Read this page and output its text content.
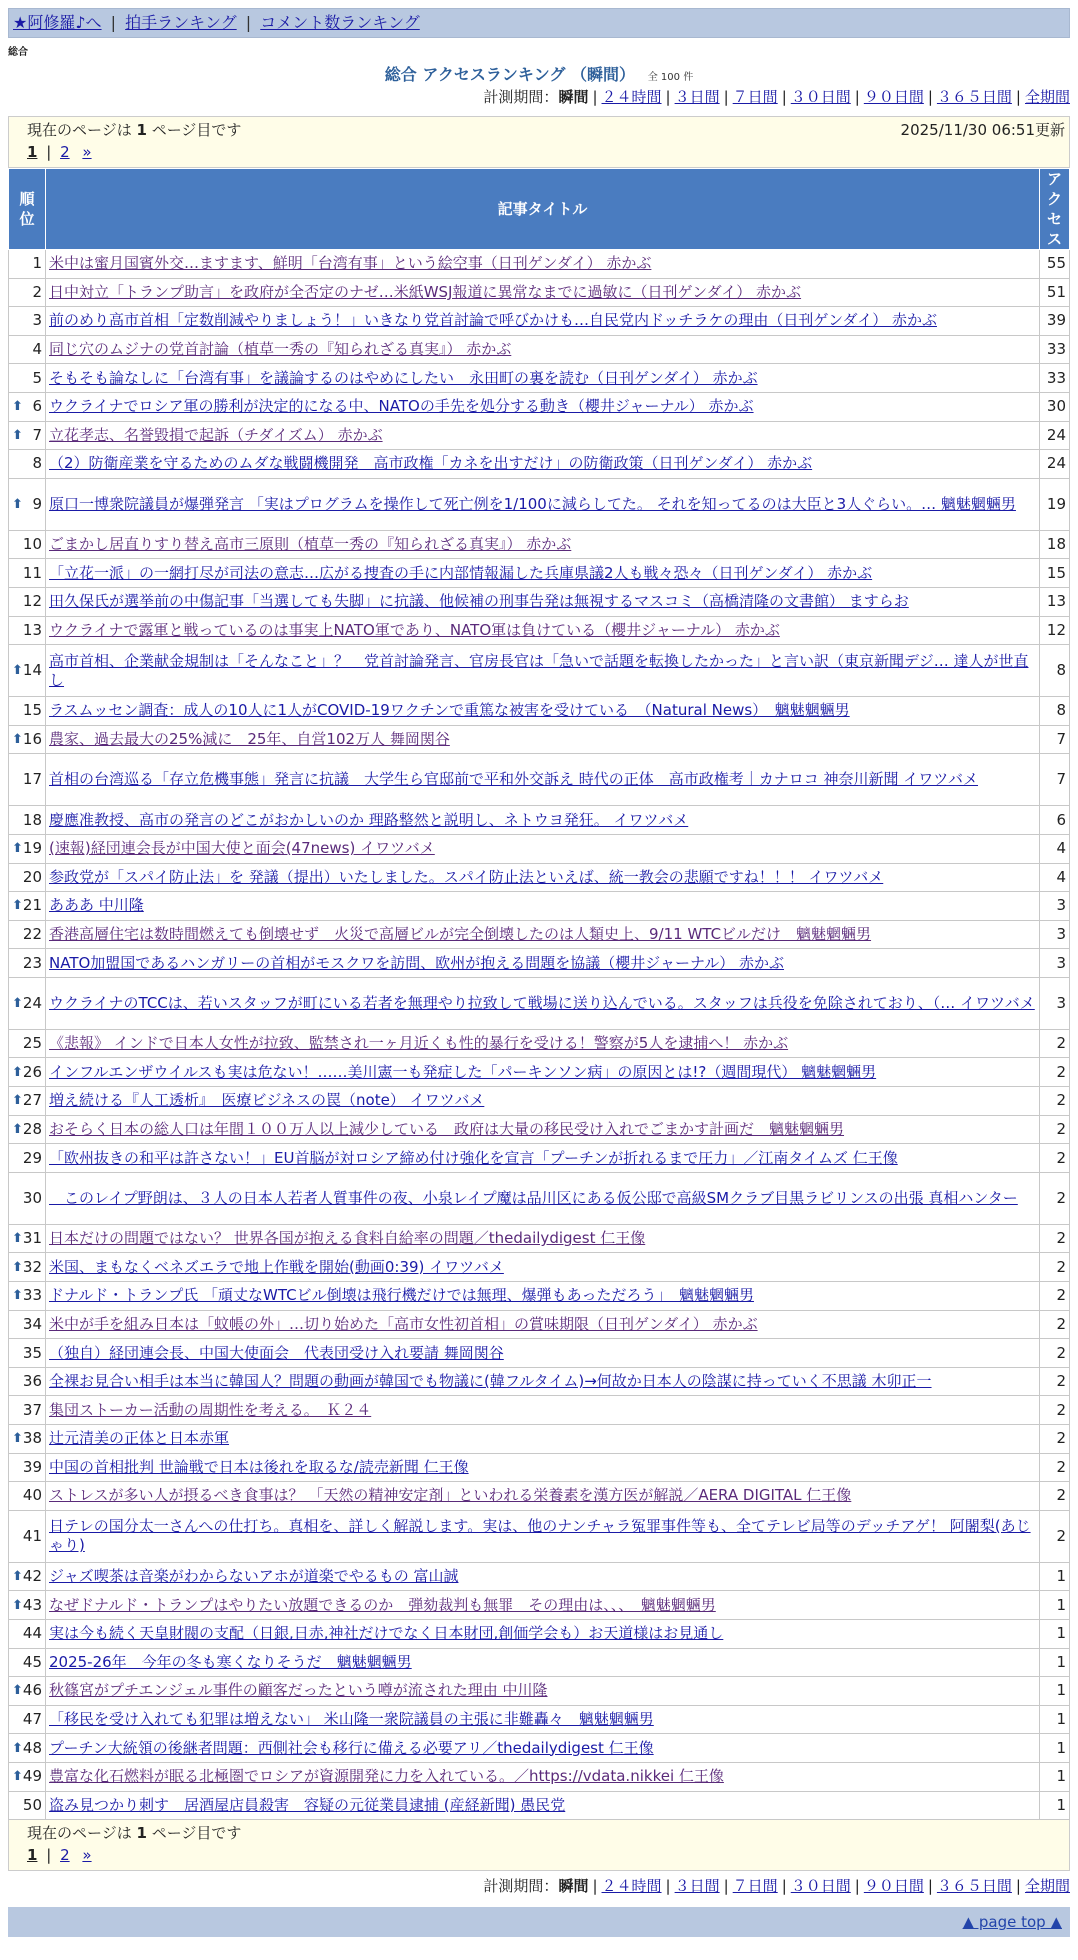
★阿修羅♪へ | 拍手ランキング | コメント数ランキング
総合
総合 アクセスランキング （瞬間） 全 100 件
計測期間：瞬間 | ２４時間 | ３日間 | ７日間 | ３０日間 | ９０日間 | ３６５日間 | 全期間
現在のページは 1 ページ目です	2025/11/30 06:51更新
1 | 2 »
順位	記事タイトル	アクセス
1	米中は蜜月国賓外交…ますます、鮮明「台湾有事」という絵空事（日刊ゲンダイ） 赤かぶ	55
2	日中対立「トランプ助言」を政府が全否定のナゼ…米紙WSJ報道に異常なまでに過敏に（日刊ゲンダイ） 赤かぶ	51
3	前のめり高市首相「定数削減やりましょう！」いきなり党首討論で呼びかけも…自民党内ドッチラケの理由（日刊ゲンダイ） 赤かぶ	39
4	同じ穴のムジナの党首討論（植草一秀の『知られざる真実』） 赤かぶ	33
5	そもそも論なしに「台湾有事」を議論するのはやめにしたい　永田町の裏を読む（日刊ゲンダイ） 赤かぶ	33

⬆ 6	ウクライナでロシア軍の勝利が決定的になる中、NATOの手先を処分する動き（櫻井ジャーナル） 赤かぶ	30

⬆ 7	立花孝志、名誉毀損で起訴（チダイズム） 赤かぶ	24
8	（2）防衛産業を守るためのムダな戦闘機開発　高市政権「カネを出すだけ」の防衛政策（日刊ゲンダイ） 赤かぶ	24

⬆ 9	原口一博衆院議員が爆弾発言 「実はプログラムを操作して死亡例を1/100に減らしてた。 それを知ってるのは大臣と3人ぐらい。… 魑魅魍魎男	19
10	ごまかし居直りすり替え高市三原則（植草一秀の『知られざる真実』） 赤かぶ	18
11	「立花一派」の一網打尽が司法の意志…広がる捜査の手に内部情報漏した兵庫県議2人も戦々恐々（日刊ゲンダイ） 赤かぶ	15
12	田久保氏が選挙前の中傷記事「当選しても失脚」に抗議、他候補の刑事告発は無視するマスコミ（高橋清隆の文書館） ますらお	13
13	ウクライナで露軍と戦っているのは事実上NATO軍であり、NATO軍は負けている（櫻井ジャーナル） 赤かぶ	12

⬆ 14	高市首相、企業献金規制は「そんなこと」？　党首討論発言、官房長官は「急いで話題を転換したかった」と言い訳（東京新聞デジ… 達人が世直し	8
15	ラスムッセン調査：成人の10人に1人がCOVID-19ワクチンで重篤な被害を受けている　（Natural News）　魑魅魍魎男	8

⬆ 16	農家、過去最大の25%減に　25年、自営102万人 舞岡関谷	7
17	首相の台湾巡る「存立危機事態」発言に抗議　大学生ら官邸前で平和外交訴え 時代の正体　高市政権考｜カナロコ 神奈川新聞 イワツバメ	7
18	慶應准教授、高市の発言のどこがおかしいのか 理路整然と説明し、ネトウヨ発狂。 イワツバメ	6

⬆ 19	(速報)経団連会長が中国大使と面会(47news) イワツバメ	4
20	参政党が「スパイ防止法」を 発議（提出）いたしました。スパイ防止法といえば、統一教会の悲願ですね！！！ イワツバメ	4

⬆ 21	あああ 中川隆	3
22	香港高層住宅は数時間燃えても倒壊せず　火災で高層ビルが完全倒壊したのは人類史上、9/11 WTCビルだけ　魑魅魍魎男	3
23	NATO加盟国であるハンガリーの首相がモスクワを訪問、欧州が抱える問題を協議（櫻井ジャーナル） 赤かぶ	3

⬆ 24	ウクライナのTCCは、若いスタッフが町にいる若者を無理やり拉致して戦場に送り込んでいる。スタッフは兵役を免除されており、（… イワツバメ	3
25	《悲報》 インドで日本人女性が拉致、監禁され一ヶ月近くも性的暴行を受ける！警察が5人を逮捕へ！ 赤かぶ	2

⬆ 26	インフルエンザウイルスも実は危ない！……美川憲一も発症した「パーキンソン病」の原因とは!?（週間現代） 魑魅魍魎男	2

⬆ 27	増え続ける『人工透析』　医療ビジネスの罠（note） イワツバメ	2

⬆ 28	おそらく日本の総人口は年間１００万人以上減少している　政府は大量の移民受け入れでごまかす計画だ　魑魅魍魎男	2
29	「欧州抜きの和平は許さない！」EU首脳が対ロシア締め付け強化を宣言「プーチンが折れるまで圧力」／江南タイムズ 仁王像	2
30	　このレイプ野朗は、３人の日本人若者人質事件の夜、小泉レイプ魔は品川区にある仮公邸で高級SMクラブ目黒ラビリンスの出張 真相ハンター	2

⬆ 31	日本だけの問題ではない？ 世界各国が抱える食料自給率の問題／thedailydigest 仁王像	2

⬆ 32	米国、まもなくベネズエラで地上作戦を開始(動画0:39) イワツバメ	2

⬆ 33	ドナルド・トランプ氏 「頑丈なWTCビル倒壊は飛行機だけでは無理、爆弾もあっただろう」　魑魅魍魎男	2
34	米中が手を組み日本は「蚊帳の外」…切り始めた「高市女性初首相」の賞味期限（日刊ゲンダイ） 赤かぶ	2
35	（独自）経団連会長、中国大使面会　代表団受け入れ要請 舞岡関谷	2
36	全裸お見合い相手は本当に韓国人？問題の動画が韓国でも物議に(韓フルタイム)→何故か日本人の陰謀に持っていく不思議 木卯正一	2
37	集団ストーカー活動の周期性を考える。　Ｋ２４	2

⬆ 38	辻元清美の正体と日本赤軍	2
39	中国の首相批判 世論戦で日本は後れを取るな/読売新聞 仁王像	2
40	ストレスが多い人が摂るべき食事は？ 「天然の精神安定剤」といわれる栄養素を漢方医が解説／AERA DIGITAL 仁王像	2
41	日テレの国分太一さんへの仕打ち。真相を、詳しく解説します。実は、他のナンチャラ冤罪事件等も、全てテレビ局等のデッチアゲ！ 阿闍梨(あじゃり)	2

⬆ 42	ジャズ喫茶は音楽がわからないアホが道楽でやるもの 富山誠	1

⬆ 43	なぜドナルド・トランプはやりたい放題できるのか　弾劾裁判も無罪　その理由は、、、　魑魅魍魎男	1
44	実は今も続く天皇財閥の支配（日銀,日赤,神社だけでなく日本財団,創価学会も）お天道様はお見通し	1
45	2025-26年　今年の冬も寒くなりそうだ　魑魅魍魎男	1

⬆ 46	秋篠宮がプチエンジェル事件の顧客だったという噂が流された理由 中川隆	1
47	「移民を受け入れても犯罪は増えない」 米山隆一衆院議員の主張に非難轟々　魑魅魍魎男	1

⬆ 48	プーチン大統領の後継者問題：西側社会も移行に備える必要アリ／thedailydigest 仁王像	1

⬆ 49	豊富な化石燃料が眠る北極圏でロシアが資源開発に力を入れている。／https://vdata.nikkei 仁王像	1
50	盗み見つかり刺す　居酒屋店員殺害　容疑の元従業員逮捕 (産経新聞) 愚民党	1
現在のページは 1 ページ目です
1 | 2 »
計測期間：瞬間 | ２４時間 | ３日間 | ７日間 | ３０日間 | ９０日間 | ３６５日間 | 全期間
▲ page top ▲
